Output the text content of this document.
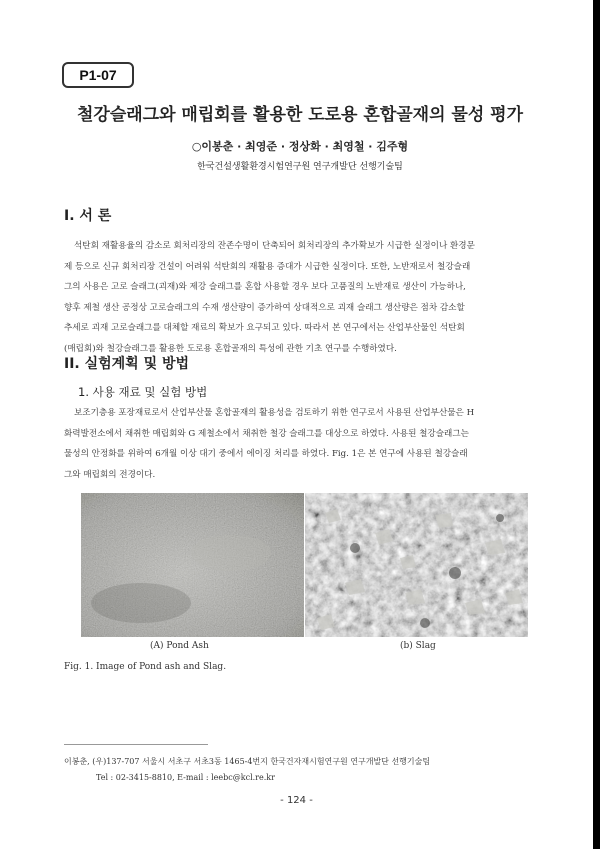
P1-07
철강슬래그와 매립회를 활용한 도로용 혼합골재의 물성 평가
○이봉춘 · 최영준 · 정상화 · 최영철 · 김주형
한국건설생활환경시험연구원 연구개발단 선행기술팀
I. 서 론
석탄회 재활용율의 감소로 회처리장의 잔존수명이 단축되어 회처리장의 추가확보가 시급한 실정이나 환경문
제 등으로 신규 회처리장 건설이 어려워 석탄회의 재활용 증대가 시급한 실정이다. 또한, 노반재로서 철강슬래
그의 사용은 고로 슬래그(괴재)와 제강 슬래그를 혼합 사용할 경우 보다 고품질의 노반재료 생산이 가능하나,
향후 제철 생산 공정상 고로슬래그의 수재 생산량이 증가하여 상대적으로 괴재 슬래그 생산량은 점차 감소할
추세로 괴재 고로슬래그를 대체할 재료의 확보가 요구되고 있다. 따라서 본 연구에서는 산업부산물인 석탄회
(매립회)와 철강슬래그를 활용한 도로용 혼합골재의 특성에 관한 기초 연구를 수행하였다.
II. 실험계획 및 방법
1. 사용 재료 및 실험 방법
보조기층용 포장재료로서 산업부산물 혼합골재의 활용성을 검토하기 위한 연구로서 사용된 산업부산물은 H
화력발전소에서 채취한 매립회와 G 제철소에서 채취한 철강 슬래그를 대상으로 하였다. 사용된 철강슬래그는
물성의 안정화를 위하여 6개월 이상 대기 중에서 에이징 처리를 하였다. Fig. 1은 본 연구에 사용된 철강슬래
그와 매립회의 전경이다.
(A) Pond Ash	(b) Slag
Fig. 1. Image of Pond ash and Slag.
이봉춘, (우)137-707 서울시 서초구 서초3동 1465-4번지 한국건자재시험연구원 연구개발단 선행기술팀
Tel : 02-3415-8810, E-mail : leebc@kcl.re.kr
- 124 -
